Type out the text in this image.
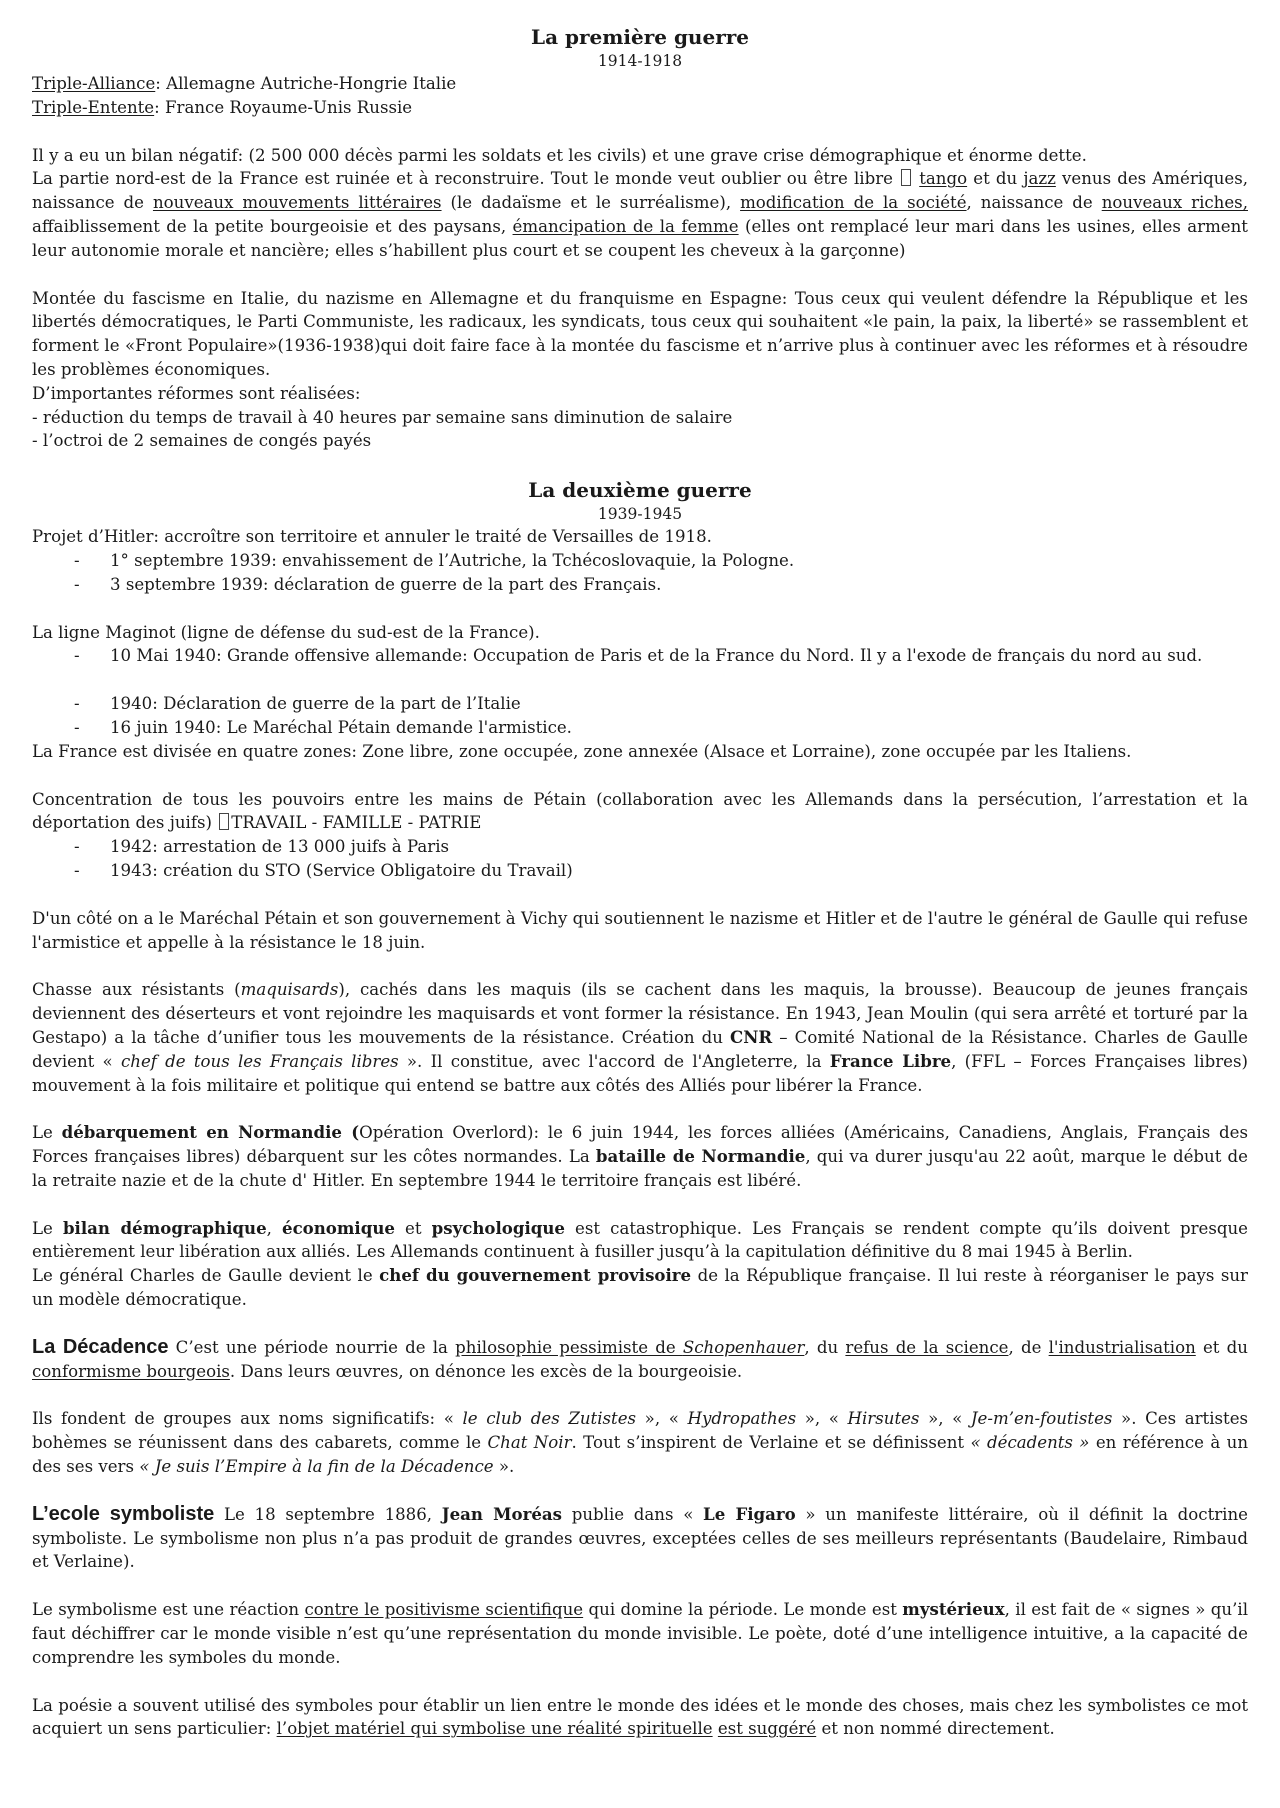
La première guerre

1914-1918

Triple-Alliance: Allemagne Autriche-Hongrie Italie

Triple-Entente: France Royaume-Unis Russie

Il y a eu un bilan négatif: (2 500 000 décès parmi les soldats et les civils) et une grave crise démographique et énorme dette.

La partie nord-est de la France est ruinée et à reconstruire. Tout le monde veut oublier ou être libre  tango et du jazz venus des Amériques, naissance de nouveaux mouvements littéraires (le dadaïsme et le surréalisme), modification de la société, naissance de nouveaux riches, affaiblissement de la petite bourgeoisie et des paysans, émancipation de la femme (elles ont remplacé leur mari dans les usines, elles arment leur autonomie morale et nancière; elles s’habillent plus court et se coupent les cheveux à la garçonne)

Montée du fascisme en Italie, du nazisme en Allemagne et du franquisme en Espagne: Tous ceux qui veulent défendre la République et les libertés démocratiques, le Parti Communiste, les radicaux, les syndicats, tous ceux qui souhaitent «le pain, la paix, la liberté» se rassemblent et forment le «Front Populaire»(1936-1938)qui doit faire face à la montée du fascisme et n’arrive plus à continuer avec les réformes et à résoudre les problèmes économiques.

D’importantes réformes sont réalisées:

- réduction du temps de travail à 40 heures par semaine sans diminution de salaire

- l’octroi de 2 semaines de congés payés

La deuxième guerre

1939-1945

Projet d’Hitler: accroître son territoire et annuler le traité de Versailles de 1918.

- 1° septembre 1939: envahissement de l’Autriche, la Tchécoslovaquie, la Pologne.
- 3 septembre 1939: déclaration de guerre de la part des Français.

La ligne Maginot (ligne de défense du sud-est de la France).

- 10 Mai 1940: Grande offensive allemande: Occupation de Paris et de la France du Nord. Il y a l'exode de français du nord au sud.
- 1940: Déclaration de guerre de la part de l’Italie
- 16 juin 1940: Le Maréchal Pétain demande l'armistice.

La France est divisée en quatre zones: Zone libre, zone occupée, zone annexée (Alsace et Lorraine), zone occupée par les Italiens.

Concentration de tous les pouvoirs entre les mains de Pétain (collaboration avec les Allemands dans la persécution, l’arrestation et la déportation des juifs) TRAVAIL - FAMILLE - PATRIE

- 1942: arrestation de 13 000 juifs à Paris
- 1943: création du STO (Service Obligatoire du Travail)

D'un côté on a le Maréchal Pétain et son gouvernement à Vichy qui soutiennent le nazisme et Hitler et de l'autre le général de Gaulle qui refuse l'armistice et appelle à la résistance le 18 juin.

Chasse aux résistants (maquisards), cachés dans les maquis (ils se cachent dans les maquis, la brousse). Beaucoup de jeunes français deviennent des déserteurs et vont rejoindre les maquisards et vont former la résistance. En 1943, Jean Moulin (qui sera arrêté et torturé par la Gestapo) a la tâche d’unifier tous les mouvements de la résistance. Création du CNR – Comité National de la Résistance. Charles de Gaulle devient « chef de tous les Français libres ». Il constitue, avec l'accord de l'Angleterre, la France Libre, (FFL – Forces Françaises libres) mouvement à la fois militaire et politique qui entend se battre aux côtés des Alliés pour libérer la France.

Le débarquement en Normandie (Opération Overlord): le 6 juin 1944, les forces alliées (Américains, Canadiens, Anglais, Français des Forces françaises libres) débarquent sur les côtes normandes. La bataille de Normandie, qui va durer jusqu'au 22 août, marque le début de la retraite nazie et de la chute d' Hitler. En septembre 1944 le territoire français est libéré.

Le bilan démographique, économique et psychologique est catastrophique. Les Français se rendent compte qu’ils doivent presque entièrement leur libération aux alliés. Les Allemands continuent à fusiller jusqu’à la capitulation définitive du 8 mai 1945 à Berlin.

Le général Charles de Gaulle devient le chef du gouvernement provisoire de la République française. Il lui reste à réorganiser le pays sur un modèle démocratique.

La Décadence C’est une période nourrie de la philosophie pessimiste de Schopenhauer, du refus de la science, de l'industrialisation et du conformisme bourgeois. Dans leurs œuvres, on dénonce les excès de la bourgeoisie.

Ils fondent de groupes aux noms significatifs: « le club des Zutistes », « Hydropathes », « Hirsutes », « Je-m’en-foutistes ». Ces artistes bohèmes se réunissent dans des cabarets, comme le Chat Noir. Tout s’inspirent de Verlaine et se définissent « décadents » en référence à un des ses vers « Je suis l’Empire à la fin de la Décadence ».

L’ecole symboliste Le 18 septembre 1886, Jean Moréas publie dans « Le Figaro » un manifeste littéraire, où il définit la doctrine symboliste. Le symbolisme non plus n’a pas produit de grandes œuvres, exceptées celles de ses meilleurs représentants (Baudelaire, Rimbaud et Verlaine).

Le symbolisme est une réaction contre le positivisme scientifique qui domine la période. Le monde est mystérieux, il est fait de « signes » qu’il faut déchiffrer car le monde visible n’est qu’une représentation du monde invisible. Le poète, doté d’une intelligence intuitive, a la capacité de comprendre les symboles du monde.

La poésie a souvent utilisé des symboles pour établir un lien entre le monde des idées et le monde des choses, mais chez les symbolistes ce mot acquiert un sens particulier: l’objet matériel qui symbolise une réalité spirituelle est suggéré et non nommé directement.
